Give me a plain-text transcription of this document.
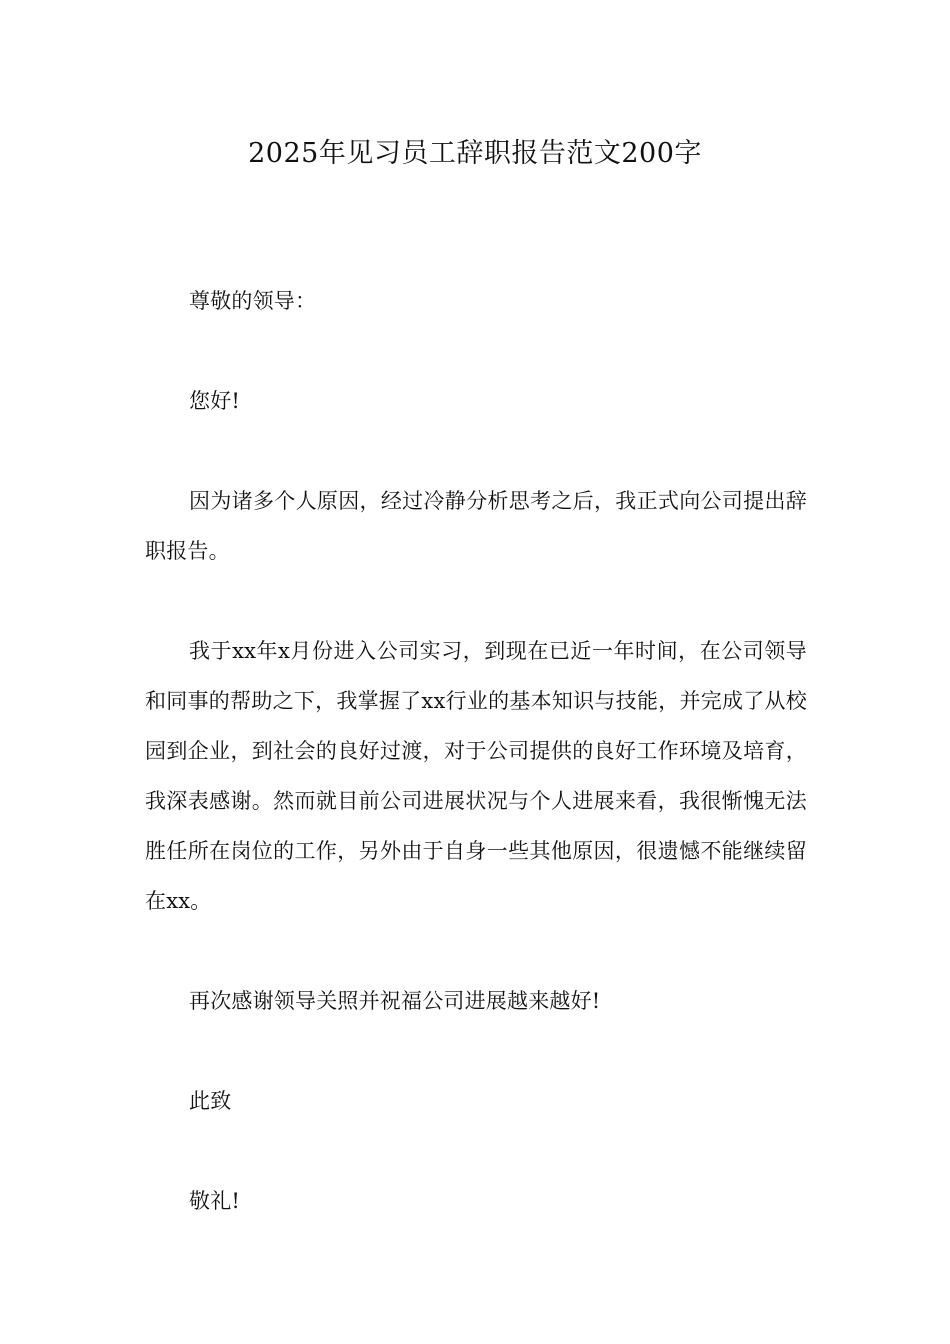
2025年见习员工辞职报告范文200字

尊敬的领导：

您好!

因为诸多个人原因，经过冷静分析思考之后，我正式向公司提出辞职报告。

我于xx年x月份进入公司实习，到现在已近一年时间，在公司领导和同事的帮助之下，我掌握了xx行业的基本知识与技能，并完成了从校园到企业，到社会的良好过渡，对于公司提供的良好工作环境及培育，我深表感谢。然而就目前公司进展状况与个人进展来看，我很惭愧无法胜任所在岗位的工作，另外由于自身一些其他原因，很遗憾不能继续留在xx。

再次感谢领导关照并祝福公司进展越来越好!

此致

敬礼!
